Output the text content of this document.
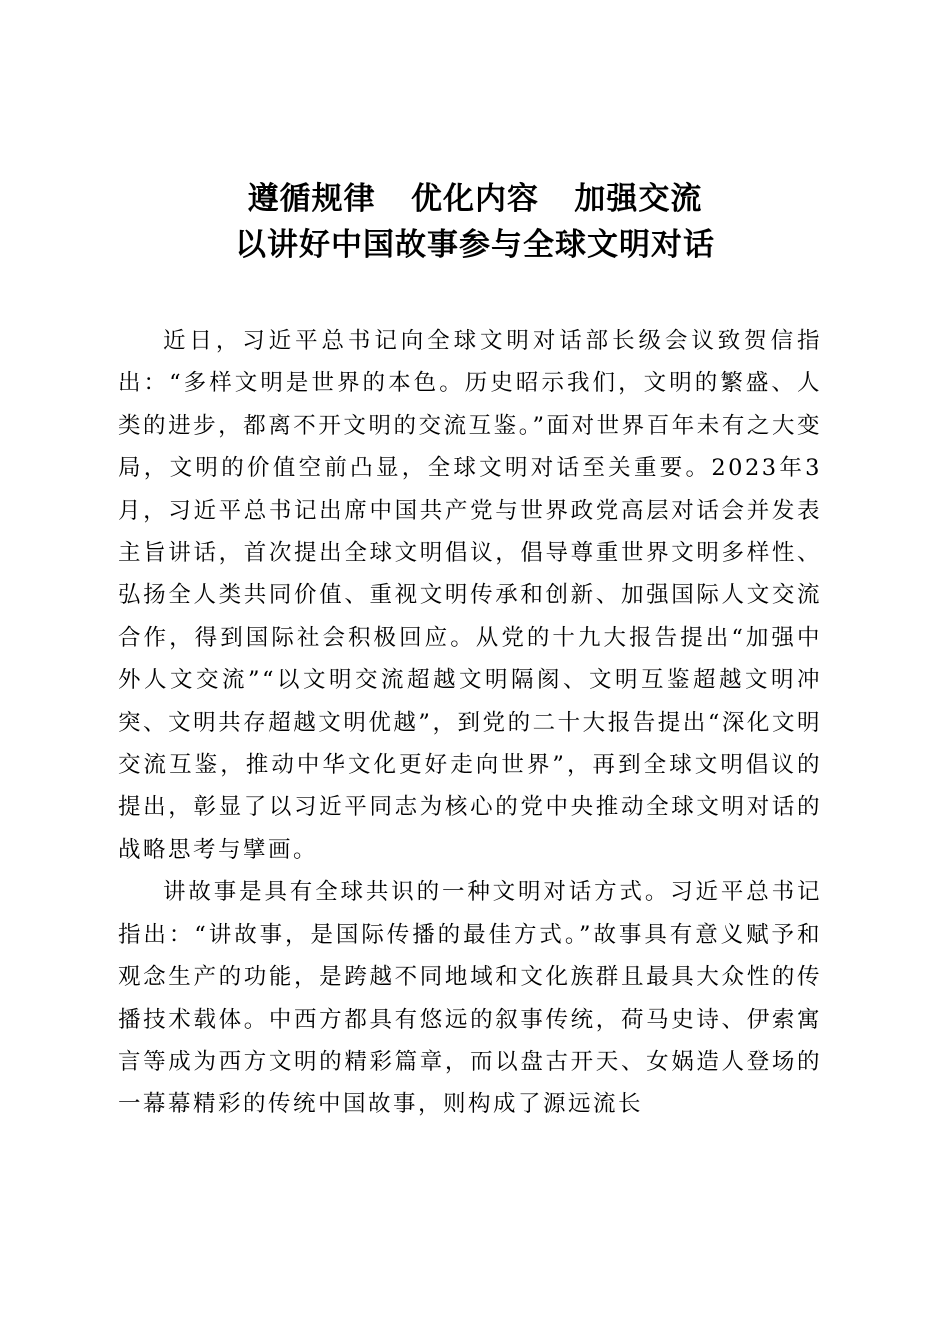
遵循规律   优化内容   加强交流
以讲好中国故事参与全球文明对话

近日，习近平总书记向全球文明对话部长级会议致贺信指出：“多样文明是世界的本色。历史昭示我们，文明的繁盛、人类的进步，都离不开文明的交流互鉴。”面对世界百年未有之大变局，文明的价值空前凸显，全球文明对话至关重要。2023年3月，习近平总书记出席中国共产党与世界政党高层对话会并发表主旨讲话，首次提出全球文明倡议，倡导尊重世界文明多样性、弘扬全人类共同价值、重视文明传承和创新、加强国际人文交流合作，得到国际社会积极回应。从党的十九大报告提出“加强中外人文交流”“以文明交流超越文明隔阂、文明互鉴超越文明冲突、文明共存超越文明优越”，到党的二十大报告提出“深化文明交流互鉴，推动中华文化更好走向世界”，再到全球文明倡议的提出，彰显了以习近平同志为核心的党中央推动全球文明对话的战略思考与擘画。

讲故事是具有全球共识的一种文明对话方式。习近平总书记指出：“讲故事，是国际传播的最佳方式。”故事具有意义赋予和观念生产的功能，是跨越不同地域和文化族群且最具大众性的传播技术载体。中西方都具有悠远的叙事传统，荷马史诗、伊索寓言等成为西方文明的精彩篇章，而以盘古开天、女娲造人登场的一幕幕精彩的传统中国故事，则构成了源远流长
